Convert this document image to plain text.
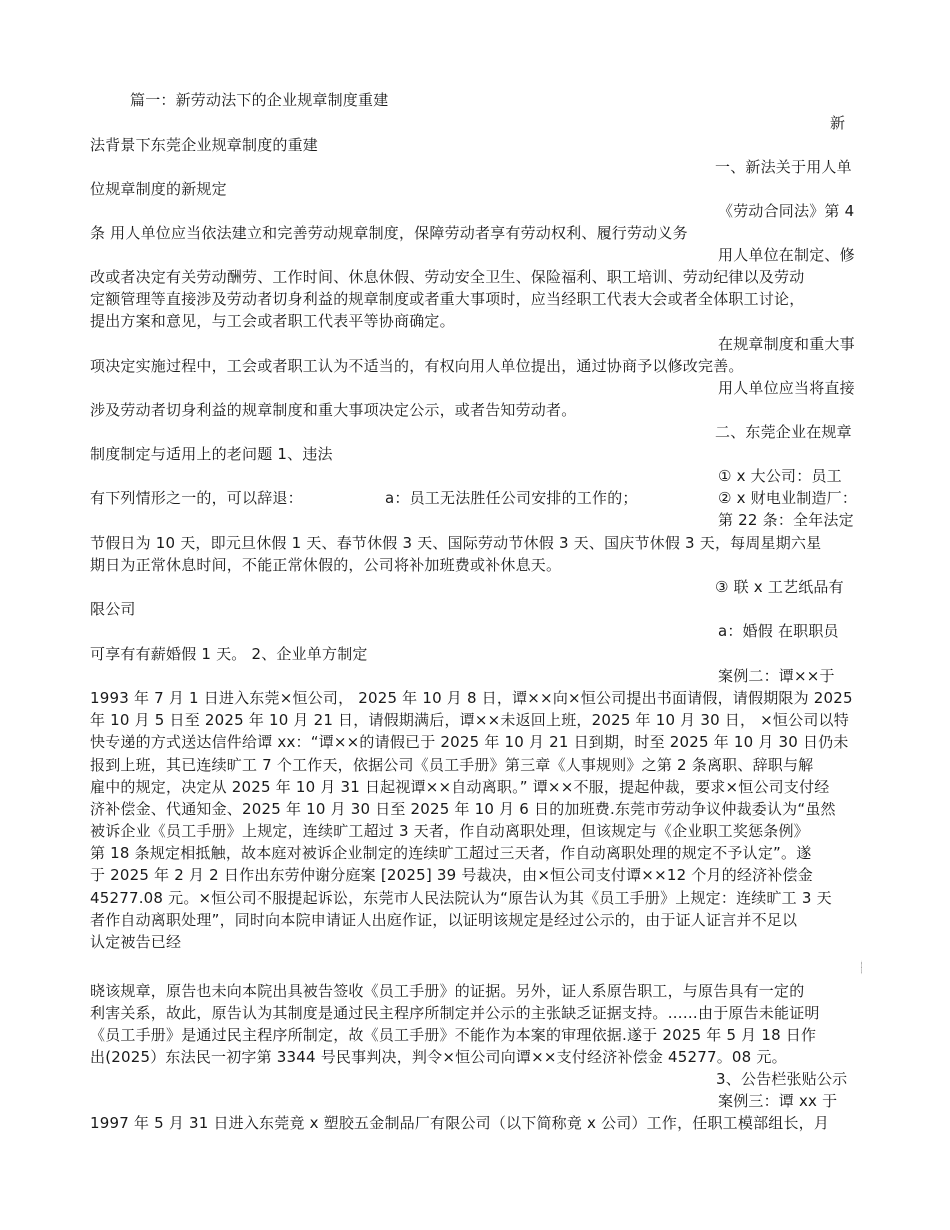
篇一：新劳动法下的企业规章制度重建
新
法背景下东莞企业规章制度的重建
一、新法关于用人单
位规章制度的新规定
《劳动合同法》第 4
条 用人单位应当依法建立和完善劳动规章制度，保障劳动者享有劳动权利、履行劳动义务
用人单位在制定、修
改或者决定有关劳动酬劳、工作时间、休息休假、劳动安全卫生、保险福利、职工培训、劳动纪律以及劳动
定额管理等直接涉及劳动者切身利益的规章制度或者重大事项时，应当经职工代表大会或者全体职工讨论，
提出方案和意见，与工会或者职工代表平等协商确定。
在规章制度和重大事
项决定实施过程中，工会或者职工认为不适当的，有权向用人单位提出，通过协商予以修改完善。
用人单位应当将直接
涉及劳动者切身利益的规章制度和重大事项决定公示，或者告知劳动者。
二、东莞企业在规章
制度制定与适用上的老问题 1、违法
① x 大公司：员工
有下列情形之一的，可以辞退：	a：员工无法胜任公司安排的工作的；	② x 财电业制造厂：
第 22 条：全年法定
节假日为 10 天，即元旦休假 1 天、春节休假 3 天、国际劳动节休假 3 天、国庆节休假 3 天，每周星期六星
期日为正常休息时间，不能正常休假的，公司将补加班费或补休息天。
③ 联 x 工艺纸品有
限公司
a：婚假 在职职员
可享有有薪婚假 1 天。 2、企业单方制定
案例二：谭××于
1993 年 7 月 1 日进入东莞×恒公司， 2025 年 10 月 8 日，谭××向×恒公司提出书面请假，请假期限为 2025
年 10 月 5 日至 2025 年 10 月 21 日，请假期满后，谭××未返回上班，2025 年 10 月 30 日， ×恒公司以特
快专递的方式送达信件给谭 xx：“谭××的请假已于 2025 年 10 月 21 日到期，时至 2025 年 10 月 30 日仍未
报到上班，其已连续旷工 7 个工作天，依据公司《员工手册》第三章《人事规则》之第 2 条离职、辞职与解
雇中的规定，决定从 2025 年 10 月 31 日起视谭××自动离职。” 谭××不服，提起仲裁，要求×恒公司支付经
济补偿金、代通知金、2025 年 10 月 30 日至 2025 年 10 月 6 日的加班费.东莞市劳动争议仲裁委认为“虽然
被诉企业《员工手册》上规定，连续旷工超过 3 天者，作自动离职处理，但该规定与《企业职工奖惩条例》
第 18 条规定相抵触，故本庭对被诉企业制定的连续旷工超过三天者，作自动离职处理的规定不予认定”。遂
于 2025 年 2 月 2 日作出东劳仲谢分庭案 [2025] 39 号裁决，由×恒公司支付谭××12 个月的经济补偿金
45277.08 元。×恒公司不服提起诉讼，东莞市人民法院认为“原告认为其《员工手册》上规定：连续旷工 3 天
者作自动离职处理”，同时向本院申请证人出庭作证，以证明该规定是经过公示的，由于证人证言并不足以
认定被告已经
知
晓该规章，原告也未向本院出具被告签收《员工手册》的证据。另外，证人系原告职工，与原告具有一定的
利害关系，故此，原告认为其制度是通过民主程序所制定并公示的主张缺乏证据支持。……由于原告未能证明
《员工手册》是通过民主程序所制定，故《员工手册》不能作为本案的审理依据.遂于 2025 年 5 月 18 日作
出(2025）东法民一初字第 3344 号民事判决，判令×恒公司向谭××支付经济补偿金 45277。08 元。
3、公告栏张贴公示
案例三：谭 xx 于
1997 年 5 月 31 日进入东莞竟 x 塑胶五金制品厂有限公司（以下简称竟 x 公司）工作，任职工模部组长，月
